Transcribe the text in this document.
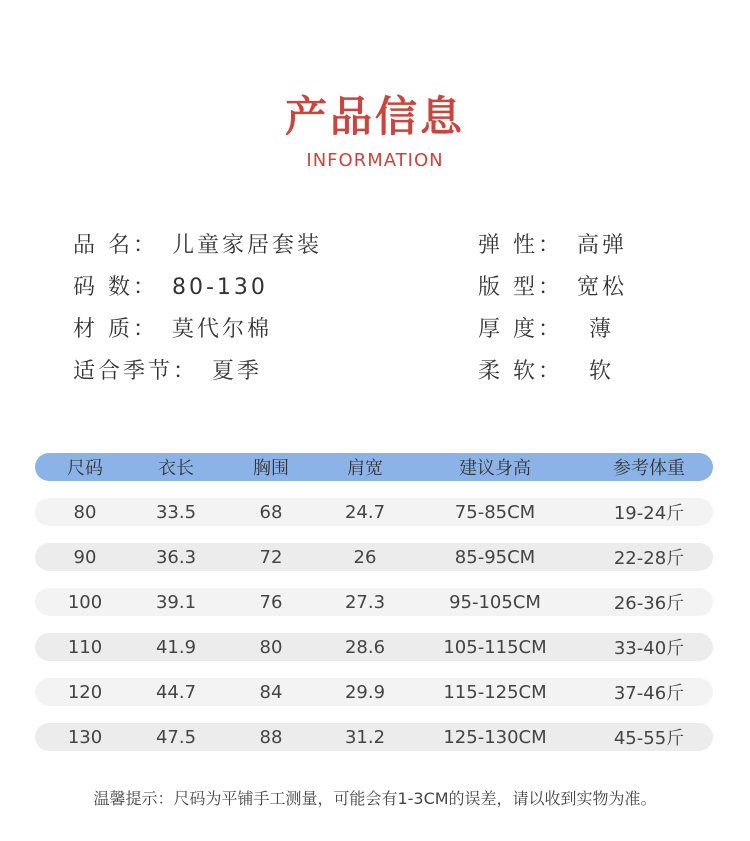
产品信息
INFORMATION
品 名： 儿童家居套装
码 数： 80-130
材 质： 莫代尔棉
适合季节： 夏季
弹 性： 高弹
版 型： 宽松
厚 度： 薄
柔 软： 软
尺码	衣长	胸围	肩宽	建议身高	参考体重
80	33.5	68	24.7	75-85CM	19-24斤
90	36.3	72	26	85-95CM	22-28斤
100	39.1	76	27.3	95-105CM	26-36斤
110	41.9	80	28.6	105-115CM	33-40斤
120	44.7	84	29.9	115-125CM	37-46斤
130	47.5	88	31.2	125-130CM	45-55斤
温馨提示：尺码为平铺手工测量，可能会有1-3CM的误差，请以收到实物为准。
